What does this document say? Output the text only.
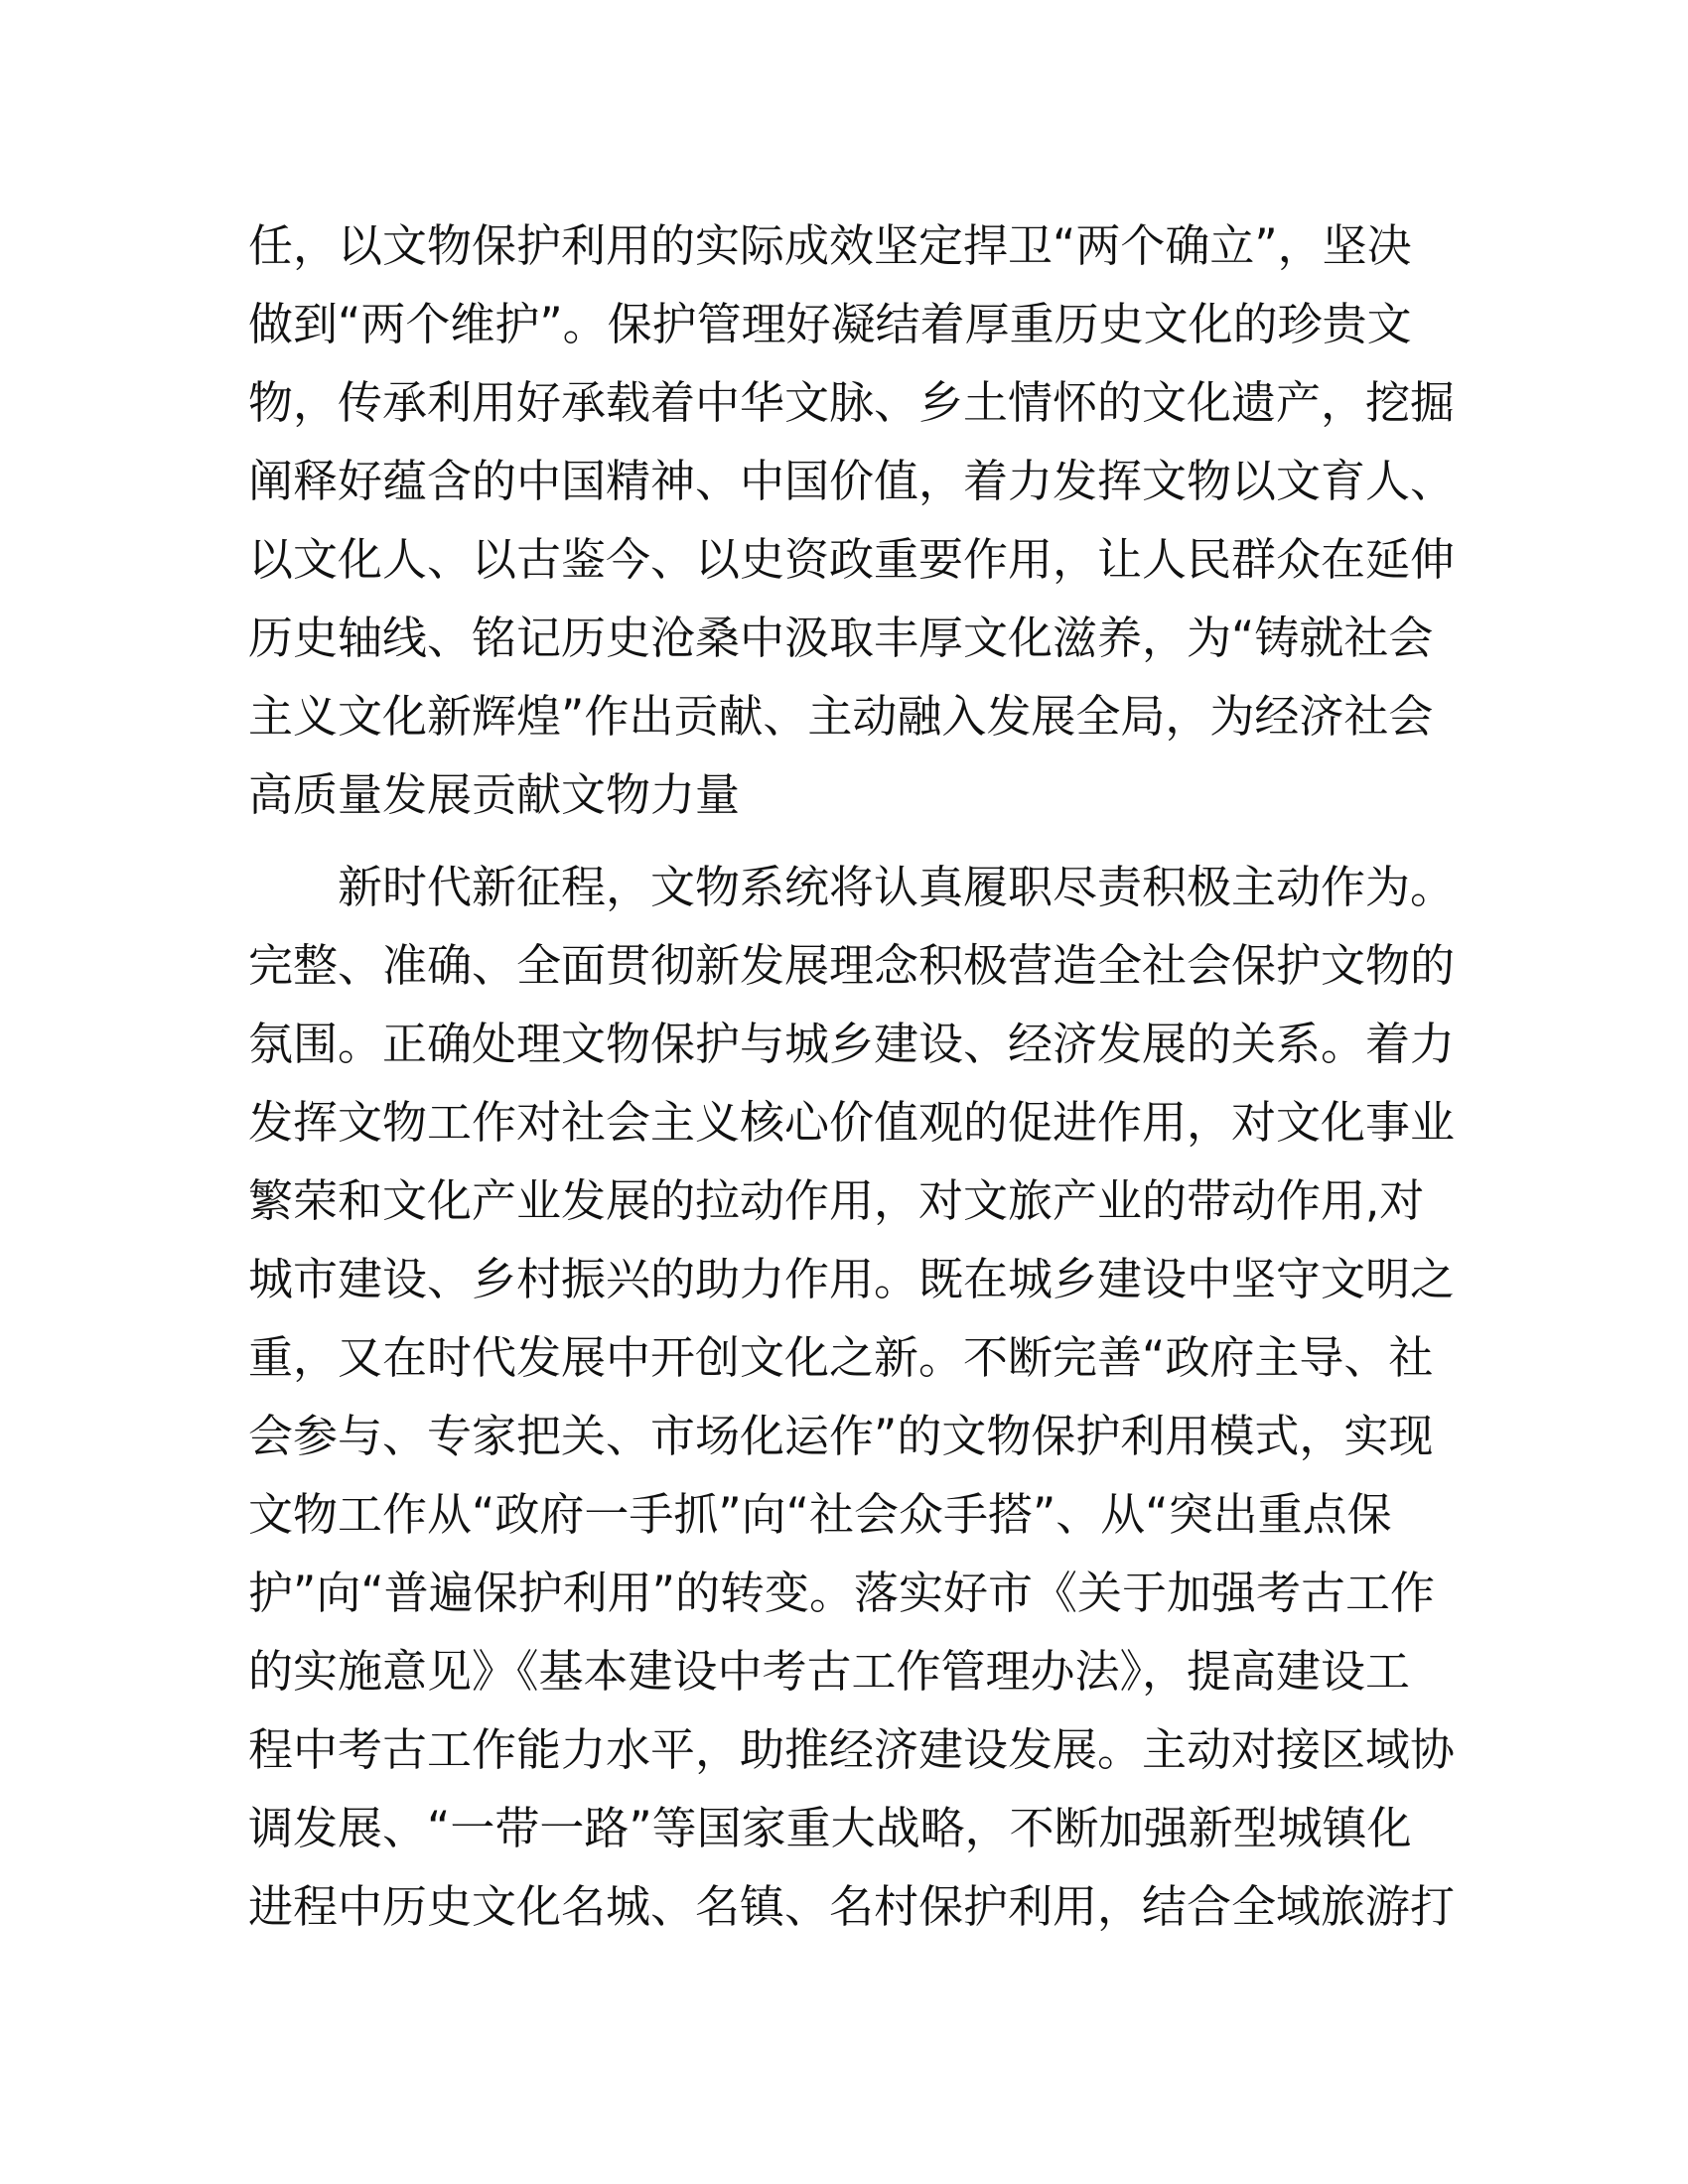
任，以文物保护利用的实际成效坚定捍卫“两个确立”，坚决
做到“两个维护”。保护管理好凝结着厚重历史文化的珍贵文
物，传承利用好承载着中华文脉、乡土情怀的文化遗产，挖掘
阐释好蕴含的中国精神、中国价值，着力发挥文物以文育人、
以文化人、以古鉴今、以史资政重要作用，让人民群众在延伸
历史轴线、铭记历史沧桑中汲取丰厚文化滋养，为“铸就社会
主义文化新辉煌”作出贡献、主动融入发展全局，为经济社会
高质量发展贡献文物力量
新时代新征程，文物系统将认真履职尽责积极主动作为。
完整、准确、全面贯彻新发展理念积极营造全社会保护文物的
氛围。正确处理文物保护与城乡建设、经济发展的关系。着力
发挥文物工作对社会主义核心价值观的促进作用，对文化事业
繁荣和文化产业发展的拉动作用，对文旅产业的带动作用,对
城市建设、乡村振兴的助力作用。既在城乡建设中坚守文明之
重，又在时代发展中开创文化之新。不断完善“政府主导、社
会参与、专家把关、市场化运作”的文物保护利用模式，实现
文物工作从“政府一手抓”向“社会众手搭”、从“突出重点保
护”向“普遍保护利用”的转变。落实好市《关于加强考古工作
的实施意见》《基本建设中考古工作管理办法》，提高建设工
程中考古工作能力水平，助推经济建设发展。主动对接区域协
调发展、“一带一路”等国家重大战略，不断加强新型城镇化
进程中历史文化名城、名镇、名村保护利用，结合全域旅游打
